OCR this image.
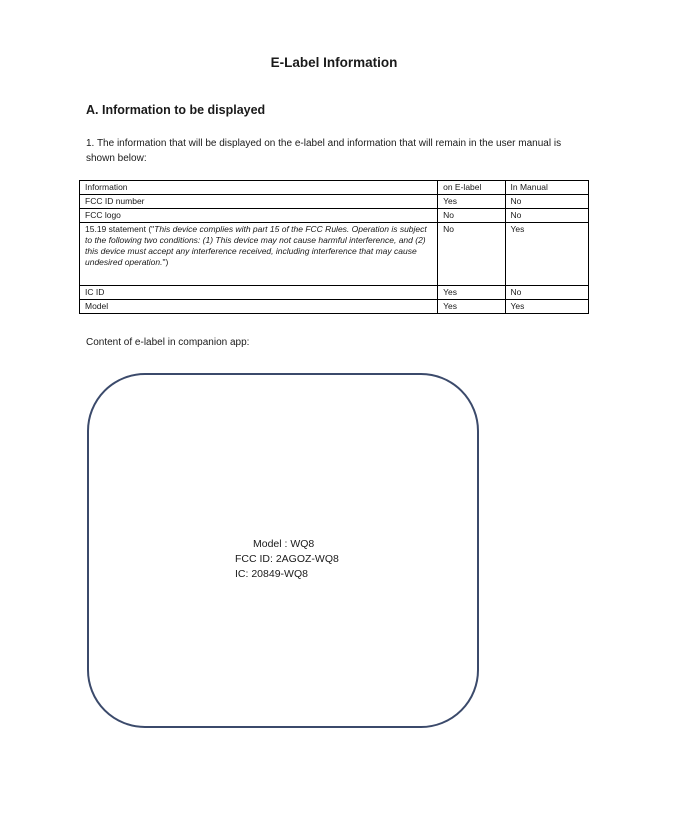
E-Label Information
A. Information to be displayed
1. The information that will be displayed on the e-label and information that will remain in the user manual is shown below:
Information	on E-label	In Manual
FCC ID number	Yes	No
FCC logo	No	No
15.19 statement ("This device complies with part 15 of the FCC Rules. Operation is subject to the following two conditions: (1) This device may not cause harmful interference, and (2) this device must accept any interference received, including interference that may cause undesired operation.")	No	Yes
IC ID	Yes	No
Model	Yes	Yes
Content of e-label in companion app:
Model : WQ8
FCC ID: 2AGOZ-WQ8
IC: 20849-WQ8
